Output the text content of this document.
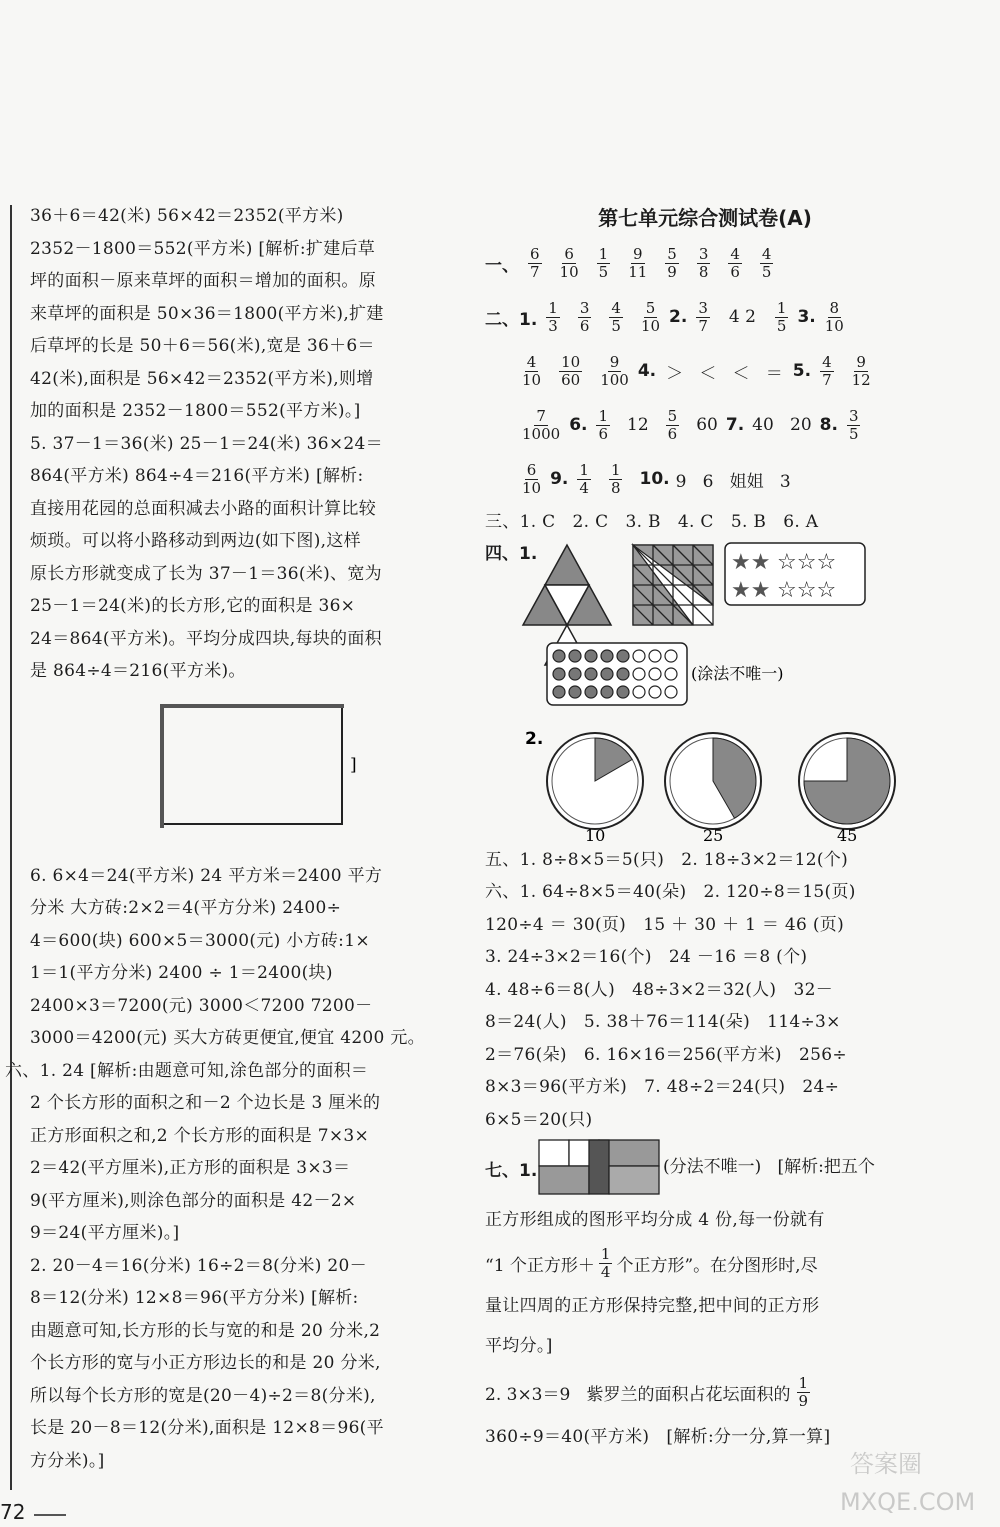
36＋6＝42(米) 56×42＝2352(平方米)
2352－1800＝552(平方米) [解析:扩建后草
坪的面积－原来草坪的面积＝增加的面积。原
来草坪的面积是 50×36＝1800(平方米),扩建
后草坪的长是 50＋6＝56(米),宽是 36＋6＝
42(米),面积是 56×42＝2352(平方米),则增
加的面积是 2352－1800＝552(平方米)。]
5. 37－1＝36(米) 25－1＝24(米) 36×24＝
864(平方米) 864÷4＝216(平方米) [解析:
直接用花园的总面积减去小路的面积计算比较
烦琐。可以将小路移动到两边(如下图),这样
原长方形就变成了长为 37－1＝36(米)、宽为
25－1＝24(米)的长方形,它的面积是 36×
24＝864(平方米)。平均分成四块,每块的面积
是 864÷4＝216(平方米)。
]
6. 6×4＝24(平方米) 24 平方米＝2400 平方
分米 大方砖:2×2＝4(平方分米) 2400÷
4＝600(块) 600×5＝3000(元) 小方砖:1×
1＝1(平方分米) 2400 ÷ 1＝2400(块)
2400×3＝7200(元) 3000＜7200 7200－
3000＝4200(元) 买大方砖更便宜,便宜 4200 元。
六、1. 24 [解析:由题意可知,涂色部分的面积＝
2 个长方形的面积之和－2 个边长是 3 厘米的
正方形面积之和,2 个长方形的面积是 7×3×
2＝42(平方厘米),正方形的面积是 3×3＝
9(平方厘米),则涂色部分的面积是 42－2×
9＝24(平方厘米)。]
2. 20－4＝16(分米) 16÷2＝8(分米) 20－
8＝12(分米) 12×8＝96(平方分米) [解析:
由题意可知,长方形的长与宽的和是 20 分米,2
个长方形的宽与小正方形边长的和是 20 分米,
所以每个长方形的宽是(20－4)÷2＝8(分米),
长是 20－8＝12(分米),面积是 12×8＝96(平
方分米)。]
第七单元综合测试卷(A)
一、 $\frac{6}{7} \frac{6}{10} \frac{1}{5} \frac{9}{11} \frac{5}{9} \frac{3}{8} \frac{4}{6} \frac{4}{5}$
二、1. $\frac{1}{3} \frac{3}{6} \frac{4}{5} \frac{5}{10} 2$. $\frac{3}{7} 4$ $2 \frac{1}{5} 3$. $\frac{8}{10}$
$\frac{4}{10} \frac{10}{60} \frac{9}{100} 4$. ＞   ＜   ＜   ＝ 5. $\frac{4}{7} \frac{9}{12}$
$\frac{7}{1000} 6$. $\frac{1}{6} 12 \frac{5}{6} 60$ 7. 40   20 8. $\frac{3}{5}$
$\frac{6}{10} 9$. $\frac{1}{4} \frac{1}{8} 10$. 9   6   姐姐   3
三、1. C   2. C   3. B   4. C   5. B   6. A
四、1.	★★ ☆☆☆
★★ ☆☆☆
(涂法不唯一)
2.
10	25	45
五、1. 8÷8×5＝5(只)   2. 18÷3×2＝12(个)
六、1. 64÷8×5＝40(朵)   2. 120÷8＝15(页)
120÷4 ＝ 30(页)   15 ＋ 30 ＋ 1 ＝ 46 (页)
3. 24÷3×2＝16(个)   24 －16 ＝8 (个)
4. 48÷6＝8(人)   48÷3×2＝32(人)   32－
8＝24(人)   5. 38＋76＝114(朵)   114÷3×
2＝76(朵)   6. 16×16＝256(平方米)   256÷
8×3＝96(平方米)   7. 48÷2＝24(只)   24÷
6×5＝20(只)
七、1.	(分法不唯一)   [解析:把五个
正方形组成的图形平均分成 4 份,每一份就有
“1 个正方形＋ $\frac{1}{4}$ 个正方形”。在分图形时,尽
量让四周的正方形保持完整,把中间的正方形
平均分。]
2. 3×3＝9   紫罗兰的面积占花坛面积的 $\frac{1}{9}$
360÷9＝40(平方米)   [解析:分一分,算一算]
72
答案圈
MXQE.COM
